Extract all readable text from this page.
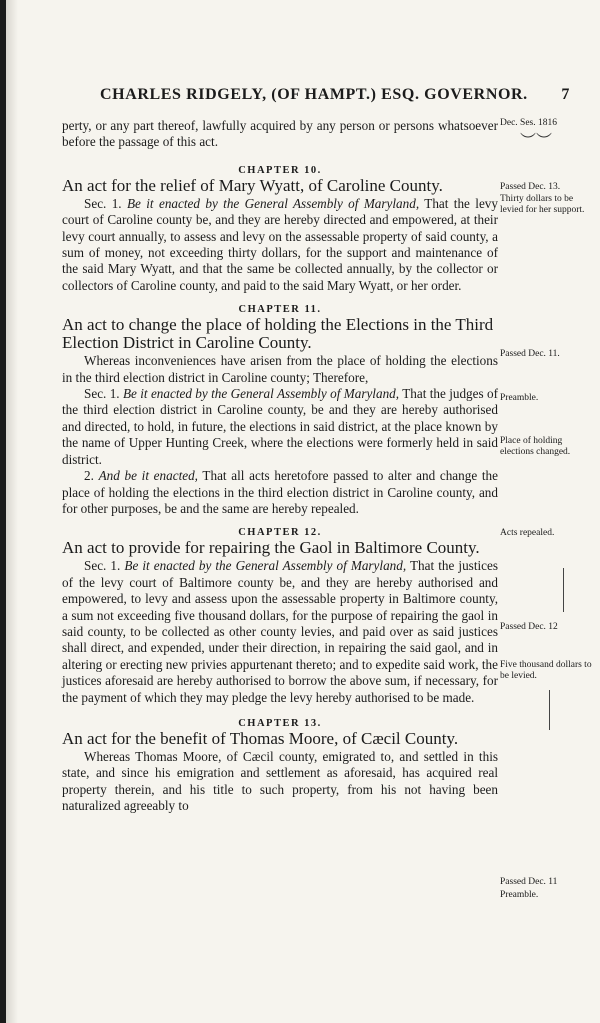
CHARLES RIDGELY, (OF HAMPT.) ESQ. GOVERNOR. 7

perty, or any part thereof, lawfully acquired by any person or persons whatsoever before the passage of this act.

CHAPTER 10.
An act for the relief of Mary Wyatt, of Caroline County.

Sec. 1. Be it enacted by the General Assembly of Maryland, That the levy court of Caroline county be, and they are hereby directed and empowered, at their levy court annually, to assess and levy on the assessable property of said county, a sum of money, not exceeding thirty dollars, for the support and maintenance of the said Mary Wyatt, and that the same be collected annually, by the collector or collectors of Caroline county, and paid to the said Mary Wyatt, or her order.

CHAPTER 11.
An act to change the place of holding the Elections in the Third Election District in Caroline County.

Whereas inconveniences have arisen from the place of holding the elections in the third election district in Caroline county; Therefore,

Sec. 1. Be it enacted by the General Assembly of Maryland, That the judges of the third election district in Caroline county, be and they are hereby authorised and directed, to hold, in future, the elections in said district, at the place known by the name of Upper Hunting Creek, where the elections were formerly held in said district.

2. And be it enacted, That all acts heretofore passed to alter and change the place of holding the elections in the third election district in Caroline county, and for other purposes, be and the same are hereby repealed.

CHAPTER 12.
An act to provide for repairing the Gaol in Baltimore County.

Sec. 1. Be it enacted by the General Assembly of Maryland, That the justices of the levy court of Baltimore county be, and they are hereby authorised and empowered, to levy and assess upon the assessable property in Baltimore county, a sum not exceeding five thousand dollars, for the purpose of repairing the gaol in said county, to be collected as other county levies, and paid over as said justices shall direct, and expended, under their direction, in repairing the said gaol, and in altering or erecting new privies appurtenant thereto; and to expedite said work, the justices aforesaid are hereby authorised to borrow the above sum, if necessary, for the payment of which they may pledge the levy hereby authorised to be made.

CHAPTER 13.
An act for the benefit of Thomas Moore, of Cæcil County.

Whereas Thomas Moore, of Cæcil county, emigrated to, and settled in this state, and since his emigration and settlement as aforesaid, has acquired real property therein, and his title to such property, from his not having been naturalized agreeably to

Dec. Ses. 1816
Passed Dec. 13.
Thirty dollars to be levied for her support.
Passed Dec. 11.
Preamble.
Place of holding elections changed.
Acts repealed.
Passed Dec. 12
Five thousand dollars to be levied.
Passed Dec. 11
Preamble.
︶︶
